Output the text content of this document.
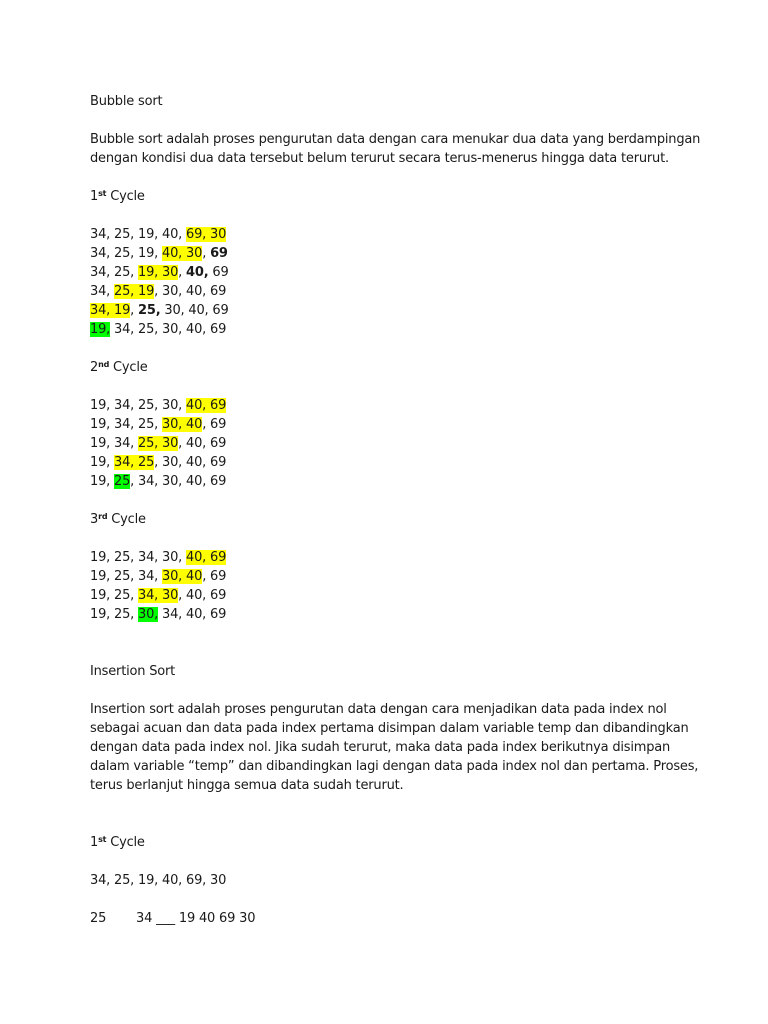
Bubble sort
Bubble sort adalah proses pengurutan data dengan cara menukar dua data yang berdampingan
dengan kondisi dua data tersebut belum terurut secara terus-menerus hingga data terurut.
1st Cycle
34, 25, 19, 40, 69, 30
34, 25, 19, 40, 30, 69
34, 25, 19, 30, 40, 69
34, 25, 19, 30, 40, 69
34, 19, 25, 30, 40, 69
19, 34, 25, 30, 40, 69
2nd Cycle
19, 34, 25, 30, 40, 69
19, 34, 25, 30, 40, 69
19, 34, 25, 30, 40, 69
19, 34, 25, 30, 40, 69
19, 25, 34, 30, 40, 69
3rd Cycle
19, 25, 34, 30, 40, 69
19, 25, 34, 30, 40, 69
19, 25, 34, 30, 40, 69
19, 25, 30, 34, 40, 69
Insertion Sort
Insertion sort adalah proses pengurutan data dengan cara menjadikan data pada index nol
sebagai acuan dan data pada index pertama disimpan dalam variable temp dan dibandingkan
dengan data pada index nol. Jika sudah terurut, maka data pada index berikutnya disimpan
dalam variable “temp” dan dibandingkan lagi dengan data pada index nol dan pertama. Proses,
terus berlanjut hingga semua data sudah terurut.
1st Cycle
34, 25, 19, 40, 69, 30
25 34 ___ 19 40 69 30
